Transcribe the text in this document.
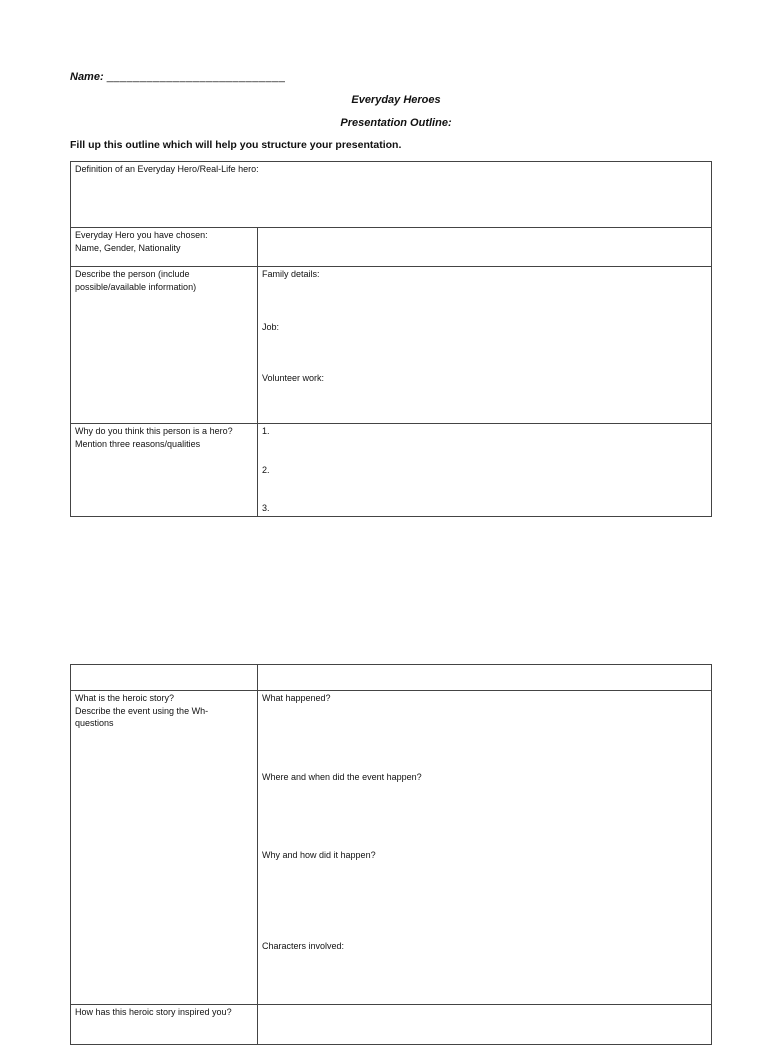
Name: ___________________________
Everyday Heroes
Presentation Outline:
Fill up this outline which will help you structure your presentation.
Definition of an Everyday Hero/Real-Life hero:	

Everyday Hero you have chosen:
Name, Gender, Nationality	

Describe the person (include
possible/available information)	Family details:
Job:
Volunteer work:

Why do you think this person is a hero?
Mention three reasons/qualities	1.
2.
3.

What is the heroic story?
Describe the event using the Wh-
questions	What happened?
Where and when did the event happen?
Why and how did it happen?
Characters involved:

How has this heroic story inspired you?	
